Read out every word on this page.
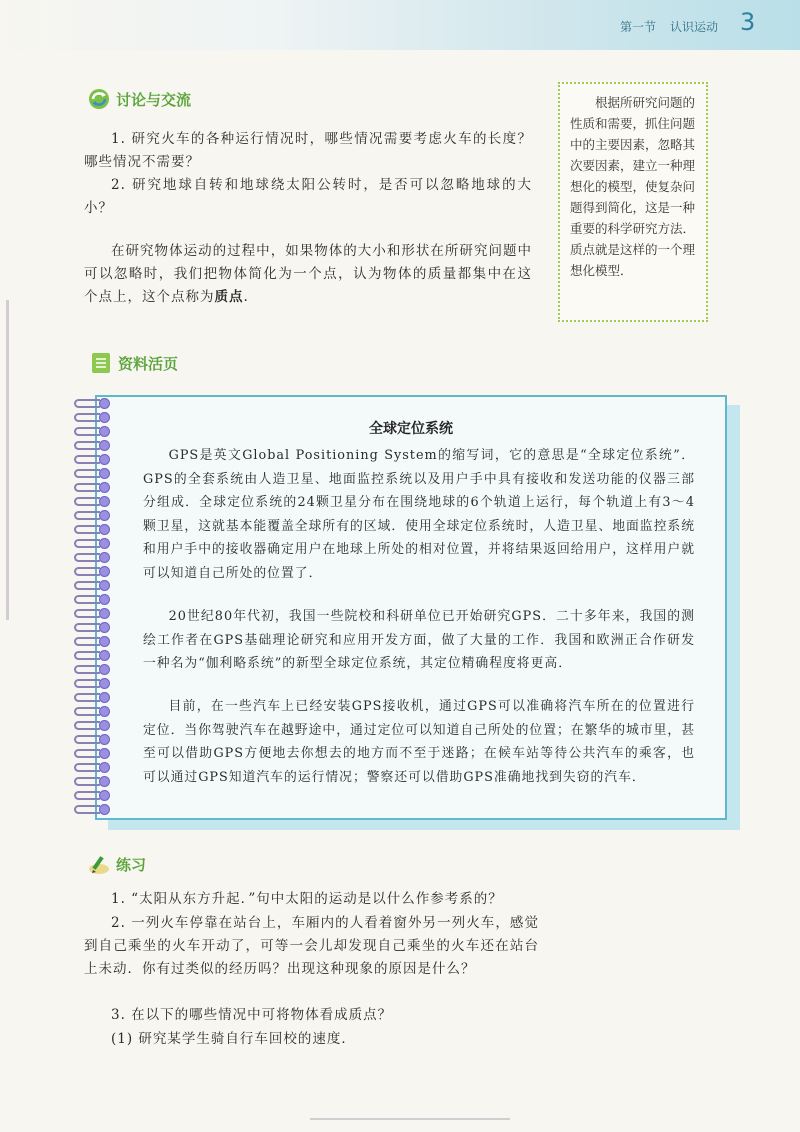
第一节 认识运动 3
讨论与交流
1. 研究火车的各种运行情况时，哪些情况需要考虑火车的长度？哪些情况不需要？
2. 研究地球自转和地球绕太阳公转时，是否可以忽略地球的大小？
在研究物体运动的过程中，如果物体的大小和形状在所研究问题中可以忽略时，我们把物体简化为一个点，认为物体的质量都集中在这个点上，这个点称为质点.
根据所研究问题的性质和需要，抓住问题中的主要因素，忽略其次要因素，建立一种理想化的模型，使复杂问题得到简化，这是一种重要的科学研究方法．质点就是这样的一个理想化模型．
资料活页
全球定位系统
GPS是英文Global Positioning System的缩写词，它的意思是“全球定位系统”．GPS的全套系统由人造卫星、地面监控系统以及用户手中具有接收和发送功能的仪器三部分组成．全球定位系统的24颗卫星分布在围绕地球的6个轨道上运行，每个轨道上有3～4颗卫星，这就基本能覆盖全球所有的区域．使用全球定位系统时，人造卫星、地面监控系统和用户手中的接收器确定用户在地球上所处的相对位置，并将结果返回给用户，这样用户就可以知道自己所处的位置了．
20世纪80年代初，我国一些院校和科研单位已开始研究GPS．二十多年来，我国的测绘工作者在GPS基础理论研究和应用开发方面，做了大量的工作．我国和欧洲正合作研发一种名为“伽利略系统”的新型全球定位系统，其定位精确程度将更高．
目前，在一些汽车上已经安装GPS接收机，通过GPS可以准确将汽车所在的位置进行定位．当你驾驶汽车在越野途中，通过定位可以知道自己所处的位置；在繁华的城市里，甚至可以借助GPS方便地去你想去的地方而不至于迷路；在候车站等待公共汽车的乘客，也可以通过GPS知道汽车的运行情况；警察还可以借助GPS准确地找到失窃的汽车．
练习
1. “太阳从东方升起．”句中太阳的运动是以什么作参考系的？
2. 一列火车停靠在站台上，车厢内的人看着窗外另一列火车，感觉到自己乘坐的火车开动了，可等一会儿却发现自己乘坐的火车还在站台上未动．你有过类似的经历吗？出现这种现象的原因是什么？
3. 在以下的哪些情况中可将物体看成质点？
(1) 研究某学生骑自行车回校的速度．
